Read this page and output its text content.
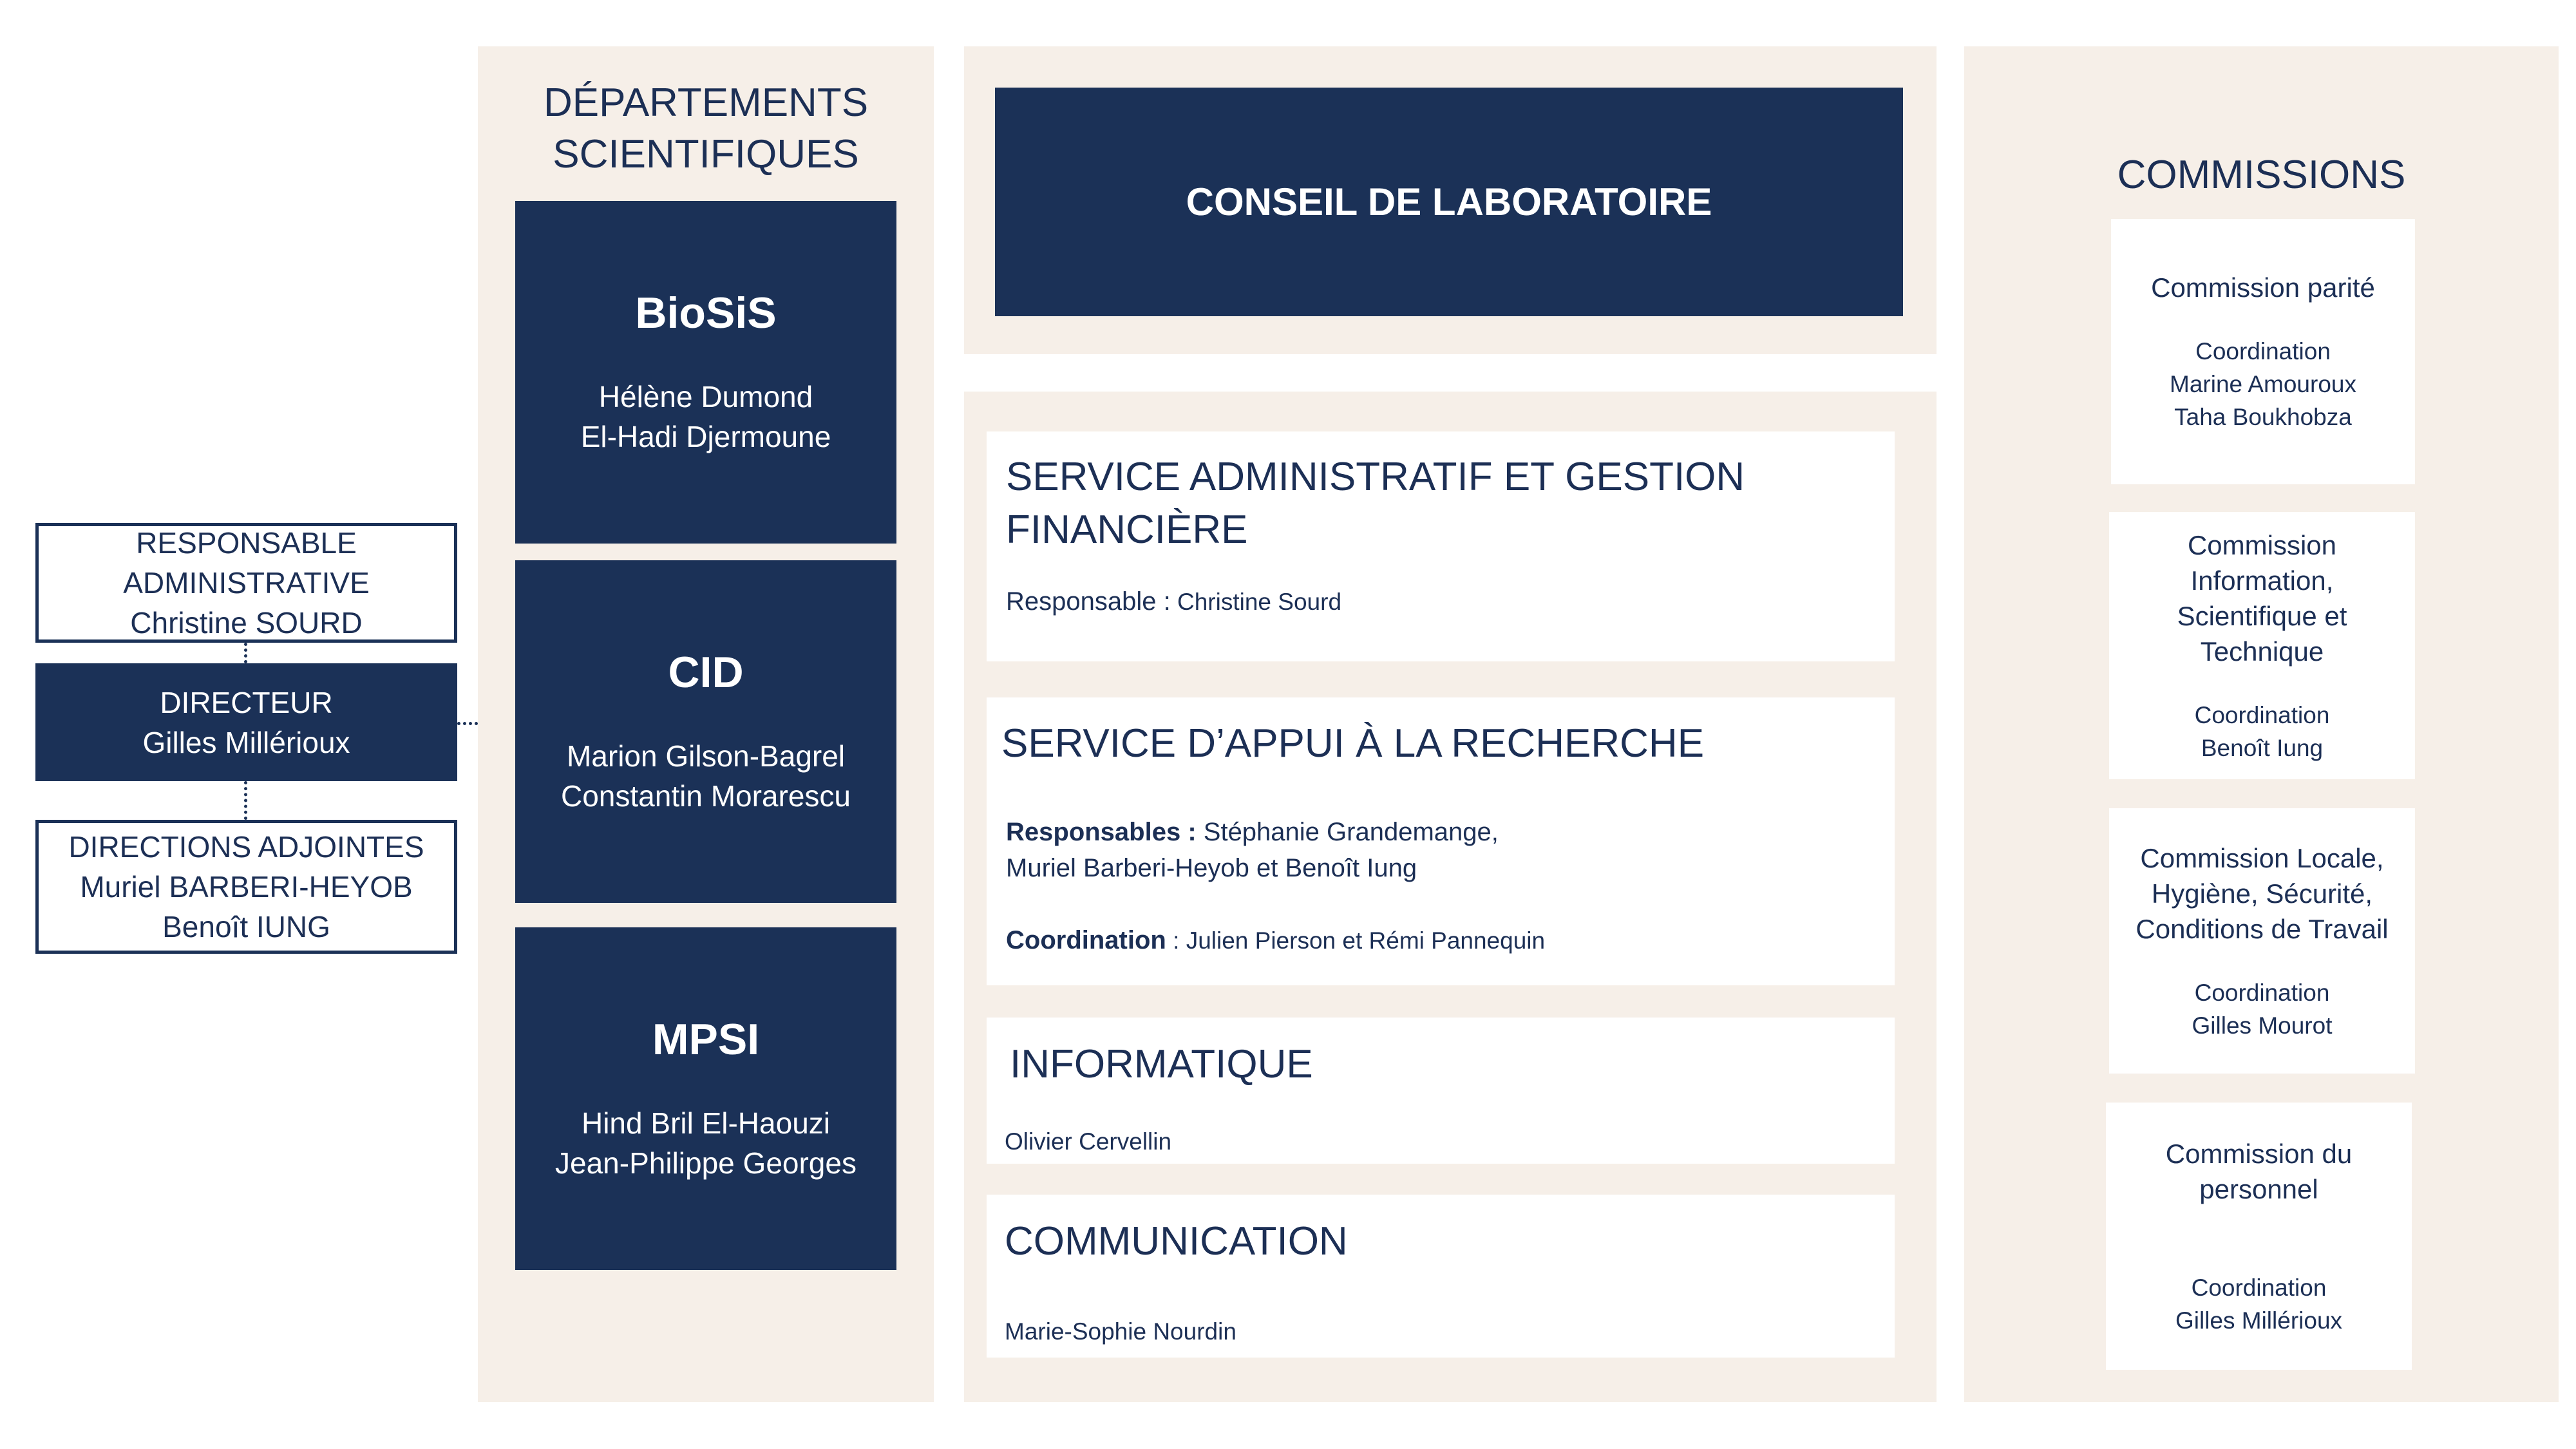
RESPONSABLE
ADMINISTRATIVE
Christine SOURD
DIRECTEUR
Gilles Millérioux
DIRECTIONS ADJOINTES
Muriel BARBERI-HEYOB
Benoît IUNG
DÉPARTEMENTS
SCIENTIFIQUES
BioSiS
Hélène Dumond
El-Hadi Djermoune
CID
Marion Gilson-Bagrel
Constantin Morarescu
MPSI
Hind Bril El-Haouzi
Jean-Philippe Georges
CONSEIL DE LABORATOIRE
SERVICE ADMINISTRATIF ET GESTION
FINANCIÈRE
Responsable : Christine Sourd
SERVICE D’APPUI À LA RECHERCHE
Responsables : Stéphanie Grandemange,
Muriel Barberi-Heyob et Benoît Iung
Coordination : Julien Pierson et Rémi Pannequin
INFORMATIQUE
Olivier Cervellin
COMMUNICATION
Marie-Sophie Nourdin
COMMISSIONS
Commission parité
Coordination
Marine Amouroux
Taha Boukhobza
Commission
Information,
Scientifique et
Technique
Coordination
Benoît Iung
Commission Locale,
Hygiène, Sécurité,
Conditions de Travail
Coordination
Gilles Mourot
Commission du
personnel
Coordination
Gilles Millérioux
